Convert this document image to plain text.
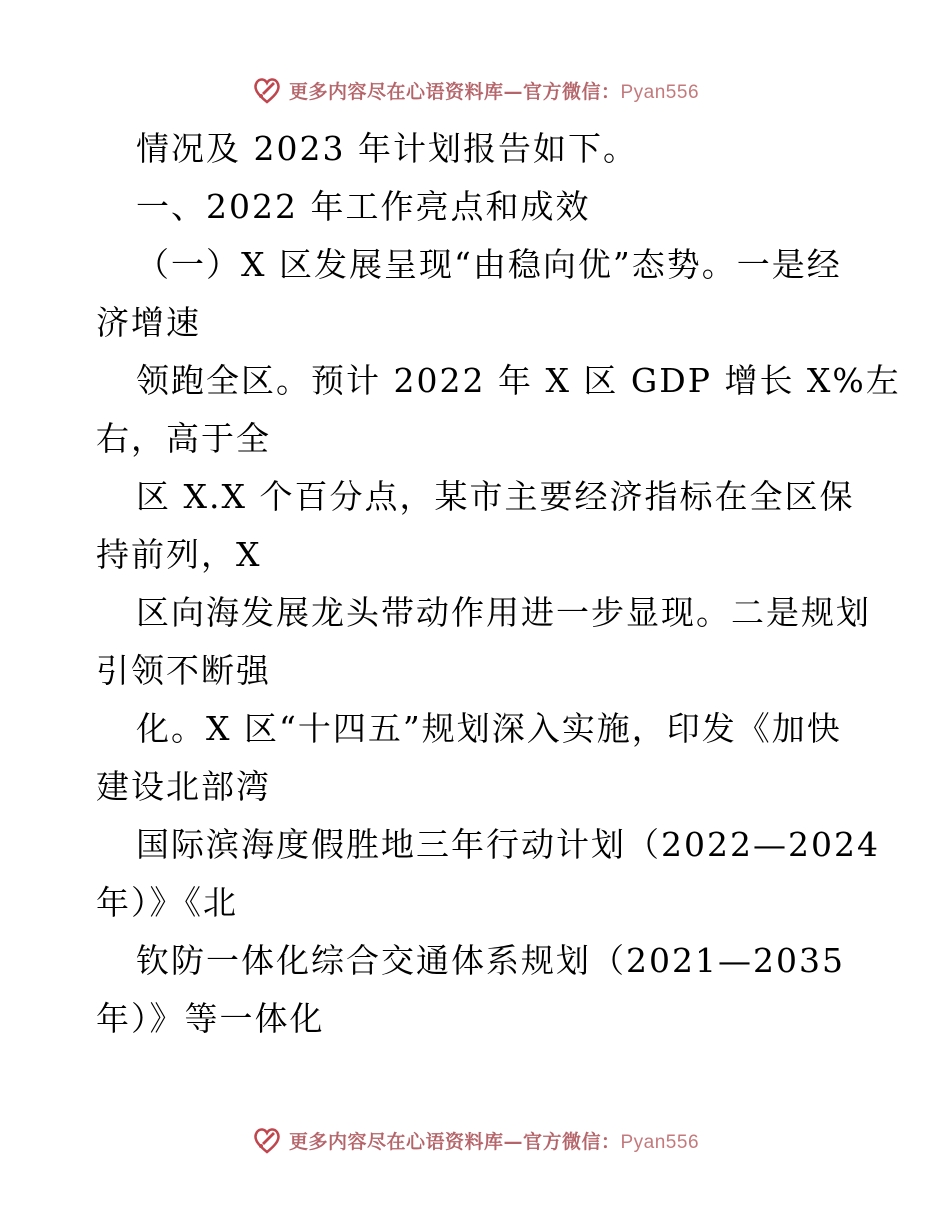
更多内容尽在心语资料库—官方微信：Pyan556
情况及 2023 年计划报告如下。
一、2022 年工作亮点和成效
（一）X 区发展呈现“由稳向优”态势。一是经
济增速
领跑全区。预计 2022 年 X 区 GDP 增长 X%左
右，高于全
区 X.X 个百分点，某市主要经济指标在全区保
持前列，X
区向海发展龙头带动作用进一步显现。二是规划
引领不断强
化。X 区“十四五”规划深入实施，印发《加快
建设北部湾
国际滨海度假胜地三年行动计划（2022—2024
年）》《北
钦防一体化综合交通体系规划（2021—2035
年）》等一体化
更多内容尽在心语资料库—官方微信：Pyan556
